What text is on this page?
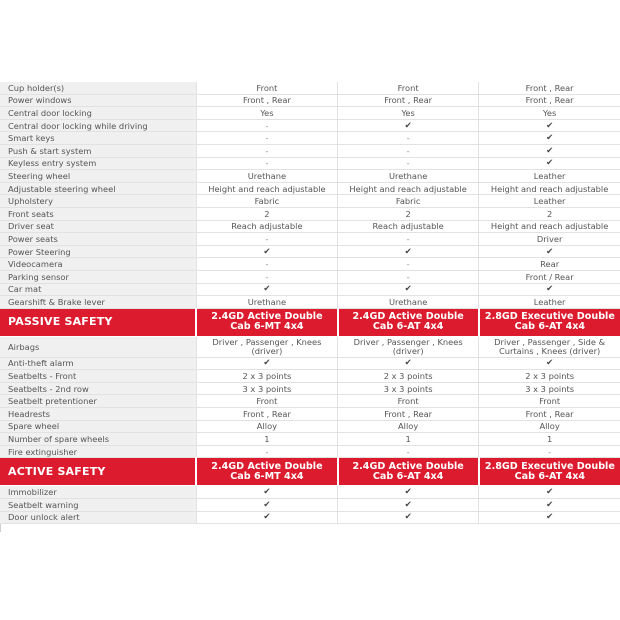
Cup holder(s)	Front	Front	Front , Rear
Power windows	Front , Rear	Front , Rear	Front , Rear
Central door locking	Yes	Yes	Yes
Central door locking while driving	-	✔	✔
Smart keys	-	-	✔
Push & start system	-	-	✔
Keyless entry system	-	-	✔
Steering wheel	Urethane	Urethane	Leather
Adjustable steering wheel	Height and reach adjustable	Height and reach adjustable	Height and reach adjustable
Upholstery	Fabric	Fabric	Leather
Front seats	2	2	2
Driver seat	Reach adjustable	Reach adjustable	Height and reach adjustable
Power seats	-	-	Driver
Power Steering	✔	✔	✔
Videocamera	-	-	Rear
Parking sensor	-	-	Front / Rear
Car mat	✔	✔	✔
Gearshift & Brake lever	Urethane	Urethane	Leather
PASSIVE SAFETY	2.4GD Active Double Cab 6-MT 4x4	2.4GD Active Double Cab 6-AT 4x4	2.8GD Executive Double Cab 6-AT 4x4
Airbags	Driver , Passenger , Knees (driver)	Driver , Passenger , Knees (driver)	Driver , Passenger , Side & Curtains , Knees (driver)
Anti-theft alarm	✔	✔	✔
Seatbelts - Front	2 x 3 points	2 x 3 points	2 x 3 points
Seatbelts - 2nd row	3 x 3 points	3 x 3 points	3 x 3 points
Seatbelt pretentioner	Front	Front	Front
Headrests	Front , Rear	Front , Rear	Front , Rear
Spare wheel	Alloy	Alloy	Alloy
Number of spare wheels	1	1	1
Fire extinguisher	-	-	-
ACTIVE SAFETY	2.4GD Active Double Cab 6-MT 4x4	2.4GD Active Double Cab 6-AT 4x4	2.8GD Executive Double Cab 6-AT 4x4
Immobilizer	✔	✔	✔
Seatbelt warning	✔	✔	✔
Door unlock alert	✔	✔	✔
